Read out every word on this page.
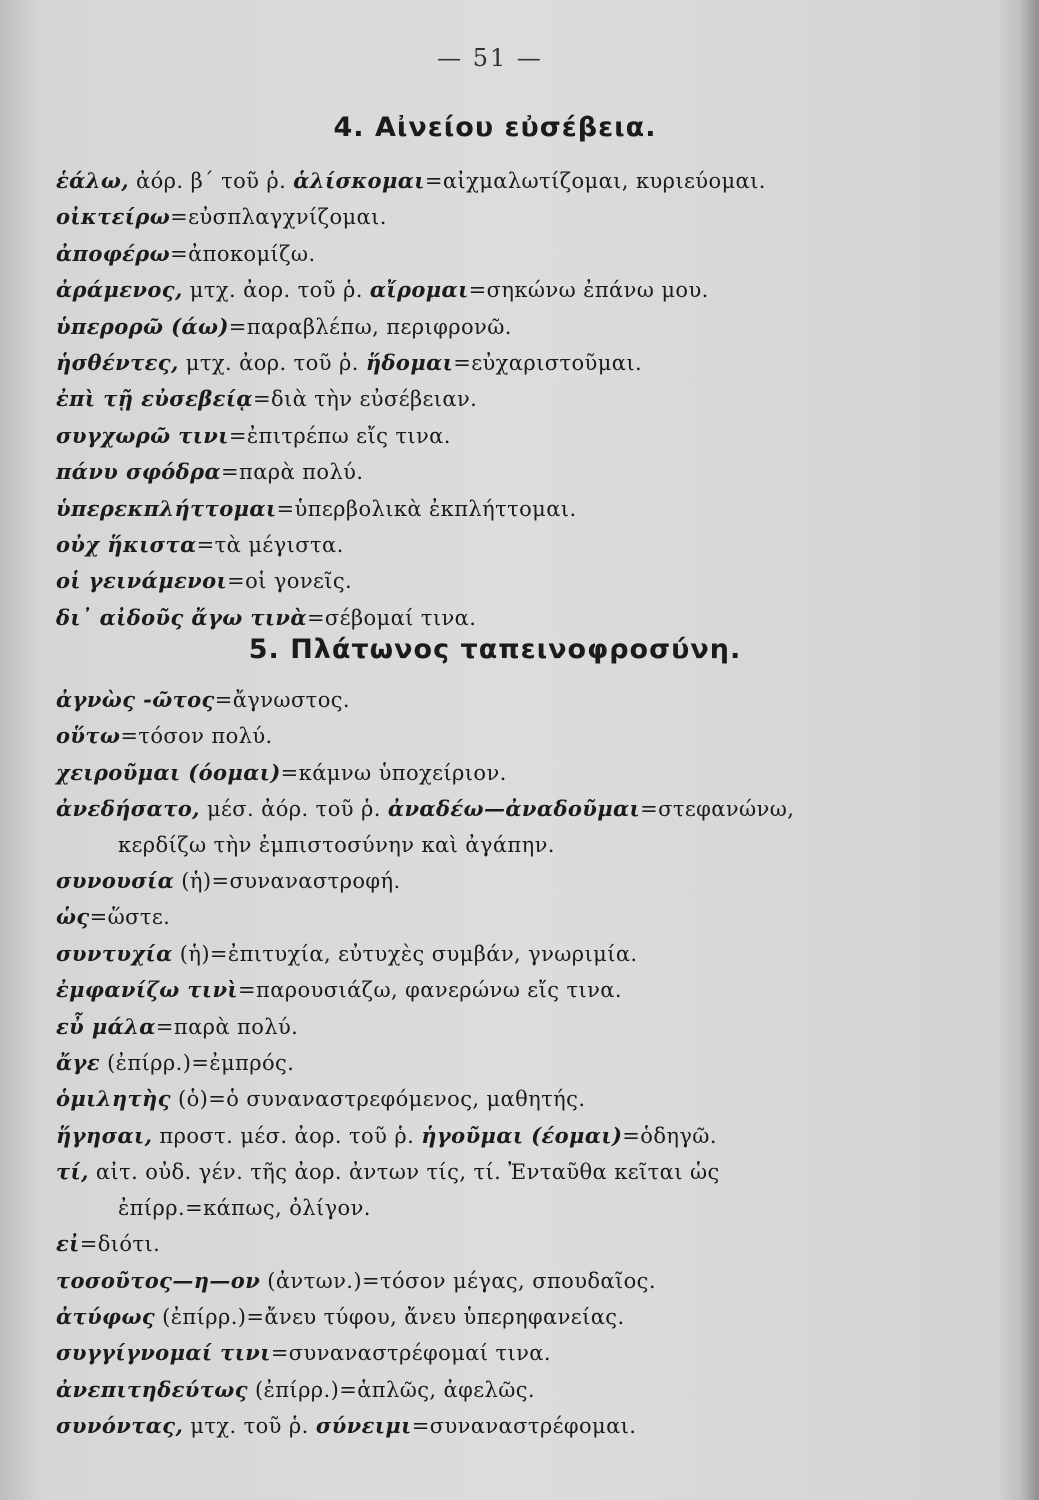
— 51 —
4. Αἰνείου εὐσέβεια.
ἑάλω, ἀόρ. β΄ τοῦ ῥ. ἁλίσκομαι=αἰχμαλωτίζομαι, κυριεύομαι.
οἰκτείρω=εὐσπλαγχνίζομαι.
ἀποφέρω=ἀποκομίζω.
ἀράμενος, μτχ. ἀορ. τοῦ ῥ. αἴρομαι=σηκώνω ἐπάνω μου.
ὑπερορῶ (άω)=παραβλέπω, περιφρονῶ.
ἡσθέντες, μτχ. ἀορ. τοῦ ῥ. ἥδομαι=εὐχαριστοῦμαι.
ἐπὶ τῇ εὐσεβείᾳ=διὰ τὴν εὐσέβειαν.
συγχωρῶ τινι=ἐπιτρέπω εἴς τινα.
πάνυ σφόδρα=παρὰ πολύ.
ὑπερεκπλήττομαι=ὑπερβολικὰ ἐκπλήττομαι.
οὐχ ἥκιστα=τὰ μέγιστα.
οἱ γεινάμενοι=οἱ γονεῖς.
δι᾿ αἰδοῦς ἄγω τινὰ=σέβομαί τινα.
5. Πλάτωνος ταπεινοφροσύνη.
ἀγνὼς -ῶτος=ἄγνωστος.
οὕτω=τόσον πολύ.
χειροῦμαι (όομαι)=κάμνω ὑποχείριον.
ἀνεδήσατο, μέσ. ἀόρ. τοῦ ῥ. ἀναδέω—ἀναδοῦμαι=στεφανώνω,
κερδίζω τὴν ἐμπιστοσύνην καὶ ἀγάπην.
συνουσία (ἡ)=συναναστροφή.
ὡς=ὥστε.
συντυχία (ἡ)=ἐπιτυχία, εὐτυχὲς συμβάν, γνωριμία.
ἐμφανίζω τινὶ=παρουσιάζω, φανερώνω εἴς τινα.
εὖ μάλα=παρὰ πολύ.
ἄγε (ἐπίρρ.)=ἐμπρός.
ὁμιλητὴς (ὁ)=ὁ συναναστρεφόμενος, μαθητής.
ἥγησαι, προστ. μέσ. ἀορ. τοῦ ῥ. ἡγοῦμαι (έομαι)=ὁδηγῶ.
τί, αἰτ. οὐδ. γέν. τῆς ἀορ. ἀντων τίς, τί. Ἐνταῦθα κεῖται ὡς
ἐπίρρ.=κάπως, ὀλίγον.
εἰ=διότι.
τοσοῦτος—η—ον (ἀντων.)=τόσον μέγας, σπουδαῖος.
ἀτύφως (ἐπίρρ.)=ἄνευ τύφου, ἄνευ ὑπερηφανείας.
συγγίγνομαί τινι=συναναστρέφομαί τινα.
ἀνεπιτηδεύτως (ἐπίρρ.)=ἁπλῶς, ἀφελῶς.
συνόντας, μτχ. τοῦ ῥ. σύνειμι=συναναστρέφομαι.
